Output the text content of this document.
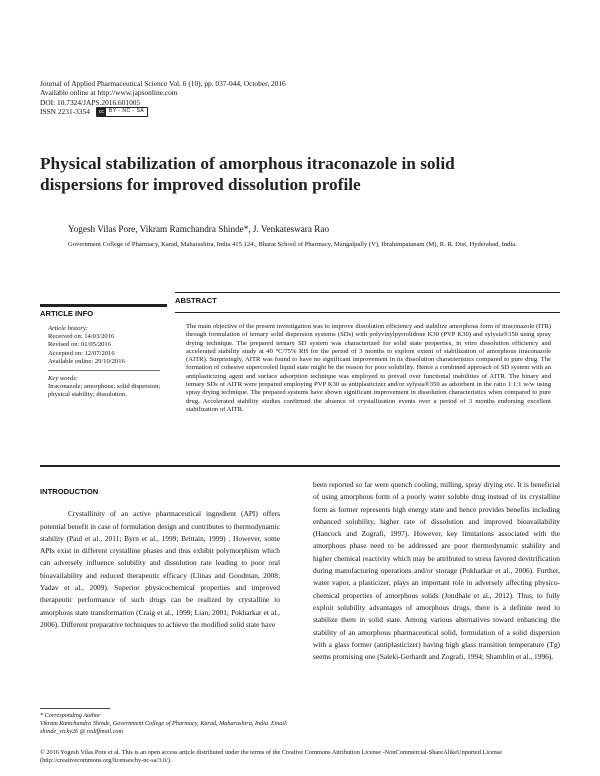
Journal of Applied Pharmaceutical Science Vol. 6 (10), pp. 037-044, October, 2016
Available online at http://www.japsonline.com
DOI: 10.7324/JAPS.2016.601005
ISSN 2231-3354	cc	BY - NC - SA
Physical stabilization of amorphous itraconazole in solid dispersions for improved dissolution profile
Yogesh Vilas Pore, Vikram Ramchandra Shinde*, J. Venkateswara Rao
Government College of Pharmacy, Karad, Maharashtra, India 415 124., Bharat School of Pharmacy, Mangalpally (V), Ibrahimpatanam (M), R. R. Dist, Hyderabad, India.
ARTICLE INFO
ABSTRACT
Article history:
Received on: 14/03/2016
Revised on: 01/05/2016
Accepted on: 12/07/2016
Available online: 29/10/2016
Key words:
Itraconazole; amorphous; solid dispersion; physical stability; dissolution.
The main objective of the present investigation was to improve dissolution efficiency and stabilize amorphous form of itraconazole (ITR) through formulation of ternary solid dispersion systems (SDs) with polyvinylpyrrolidone K30 (PVP K30) and sylysia®350 using spray drying technique. The prepared ternary SD system was characterized for solid state properties, in vitro dissolution efficiency and accelerated stability study at 40 °C/75% RH for the period of 3 months to explore extent of stabilization of amorphous itraconazole (AITR). Surprisingly, AITR was found to have no significant improvement in its dissolution characteristics compared to pure drug. The formation of cohesive supercooled liquid state might be the reason for poor solubility. Hence a combined approach of SD system with an antiplasticizing agent and surface adsorption technique was employed to prevail over functional inabilities of AITR. The binary and ternary SDs of AITR were prepared employing PVP K30 as antiplasticizer and/or sylysia®350 as adsorbent in the ratio 1:1:1 w/w using spray drying technique. The prepared systems have shown significant improvement in dissolution characteristics when compared to pure drug. Accelerated stability studies confirmed the absence of crystallization events over a period of 3 months endorsing excellent stabilization of AITR.
INTRODUCTION
Crystallinity of an active pharmaceutical ingredient (API) offers potential benefit in case of formulation design and contributes to thermodynamic stability (Paul et al., 2011; Byrn et al., 1999; Brittain, 1999) . However, some APIs exist in different crystalline phases and thus exhibit polymorphism which can adversely influence solubility and dissolution rate leading to poor oral bioavailability and reduced therapeutic efficacy (Llinas and Goodman, 2008; Yadav et al., 2009). Superior physicochemical properties and improved therapeutic performance of such drugs can be realized by crystalline to amorphous state transformation (Craig et al., 1999; Lian, 2001; Pokharkar et al., 2006). Different preparative techniques to achieve the modified solid state have
been reported so far were quench cooling, milling, spray drying etc. It is beneficial of using amorphous form of a poorly water soluble drug instead of its crystalline form as former represents high energy state and hence provides benefits including enhanced solubility, higher rate of dissolution and improved bioavailability (Hancock and Zografi, 1997). However, key limitations associated with the amorphous phase need to be addressed are poor thermodynamic stability and higher chemical reactivity which may be attributed to stress favored devitrification during manufacturing operations and/or storage (Pokharkar et al., 2006). Further, water vapor, a plasticizer, plays an important role in adversely affecting physico-chemical properties of amorphous solids (Jondhale et al., 2012). Thus, to fully exploit solubility advantages of amorphous drugs, there is a definite need to stabilize them in solid state. Among various alternatives toward enhancing the stability of an amorphous pharmaceutical solid, formulation of a solid dispersion with a glass former (antiplasticizer) having high glass transition temperature (Tg) seems promising one (Saleki-Gerhardt and Zografi, 1994; Shamblin et al., 1996).
* Corresponding Author
Vikram Ramchandra Shinde, Government College of Pharmacy, Karad, Maharashtra, India. Email: shinde_vicky26 @ rediffmail.com
© 2016 Yogesh Vilas Pore et al. This is an open access article distributed under the terms of the Creative Commons Attribution License -NonCommercial-ShareAlikeUnported License (http://creativecommons.org/licenses/by-nc-sa/3.0/).
